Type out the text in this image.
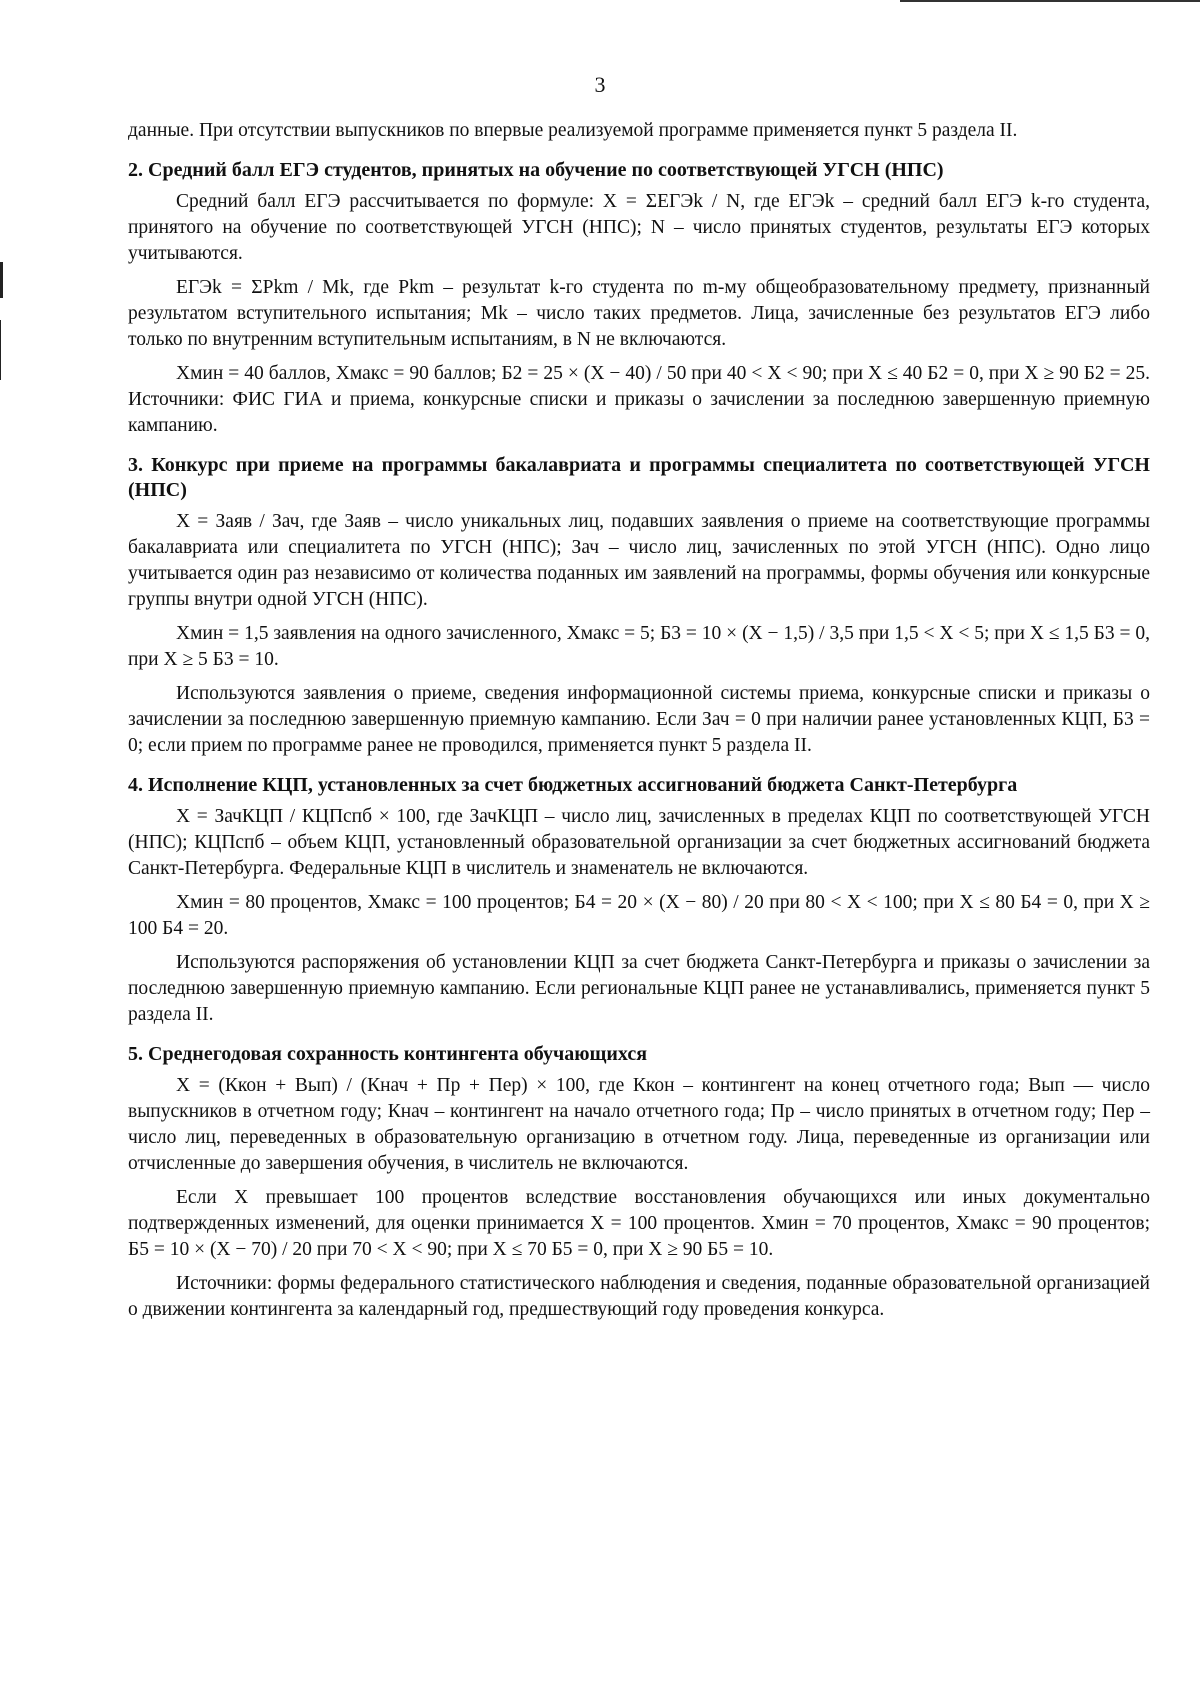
3

данные. При отсутствии выпускников по впервые реализуемой программе применяется пункт 5 раздела II.

2. Средний балл ЕГЭ студентов, принятых на обучение по соответствующей УГСН (НПС)

Средний балл ЕГЭ рассчитывается по формуле: X = ΣЕГЭk / N, где ЕГЭk – средний балл ЕГЭ k-го студента, принятого на обучение по соответствующей УГСН (НПС); N – число принятых студентов, результаты ЕГЭ которых учитываются.

ЕГЭk = ΣPkm / Mk, где Pkm – результат k-го студента по m-му общеобразовательному предмету, признанный результатом вступительного испытания; Mk – число таких предметов. Лица, зачисленные без результатов ЕГЭ либо только по внутренним вступительным испытаниям, в N не включаются.

Xмин = 40 баллов, Xмакс = 90 баллов; Б2 = 25 × (X − 40) / 50 при 40 < X < 90; при X ≤ 40 Б2 = 0, при X ≥ 90 Б2 = 25. Источники: ФИС ГИА и приема, конкурсные списки и приказы о зачислении за последнюю завершенную приемную кампанию.

3. Конкурс при приеме на программы бакалавриата и программы специалитета по соответствующей УГСН (НПС)

X = Заяв / Зач, где Заяв – число уникальных лиц, подавших заявления о приеме на соответствующие программы бакалавриата или специалитета по УГСН (НПС); Зач – число лиц, зачисленных по этой УГСН (НПС). Одно лицо учитывается один раз независимо от количества поданных им заявлений на программы, формы обучения или конкурсные группы внутри одной УГСН (НПС).

Xмин = 1,5 заявления на одного зачисленного, Xмакс = 5; Б3 = 10 × (X − 1,5) / 3,5 при 1,5 < X < 5; при X ≤ 1,5 Б3 = 0, при X ≥ 5 Б3 = 10.

Используются заявления о приеме, сведения информационной системы приема, конкурсные списки и приказы о зачислении за последнюю завершенную приемную кампанию. Если Зач = 0 при наличии ранее установленных КЦП, Б3 = 0; если прием по программе ранее не проводился, применяется пункт 5 раздела II.

4. Исполнение КЦП, установленных за счет бюджетных ассигнований бюджета Санкт-Петербурга

X = ЗачКЦП / КЦПспб × 100, где ЗачКЦП – число лиц, зачисленных в пределах КЦП по соответствующей УГСН (НПС); КЦПспб – объем КЦП, установленный образовательной организации за счет бюджетных ассигнований бюджета Санкт-Петербурга. Федеральные КЦП в числитель и знаменатель не включаются.

Xмин = 80 процентов, Xмакс = 100 процентов; Б4 = 20 × (X − 80) / 20 при 80 < X < 100; при X ≤ 80 Б4 = 0, при X ≥ 100 Б4 = 20.

Используются распоряжения об установлении КЦП за счет бюджета Санкт-Петербурга и приказы о зачислении за последнюю завершенную приемную кампанию. Если региональные КЦП ранее не устанавливались, применяется пункт 5 раздела II.

5. Среднегодовая сохранность контингента обучающихся

X = (Ккон + Вып) / (Кнач + Пр + Пер) × 100, где Ккон – контингент на конец отчетного года; Вып — число выпускников в отчетном году; Кнач – контингент на начало отчетного года; Пр – число принятых в отчетном году; Пер – число лиц, переведенных в образовательную организацию в отчетном году. Лица, переведенные из организации или отчисленные до завершения обучения, в числитель не включаются.

Если X превышает 100 процентов вследствие восстановления обучающихся или иных документально подтвержденных изменений, для оценки принимается X = 100 процентов. Xмин = 70 процентов, Xмакс = 90 процентов; Б5 = 10 × (X − 70) / 20 при 70 < X < 90; при X ≤ 70 Б5 = 0, при X ≥ 90 Б5 = 10.

Источники: формы федерального статистического наблюдения и сведения, поданные образовательной организацией о движении контингента за календарный год, предшествующий году проведения конкурса.
